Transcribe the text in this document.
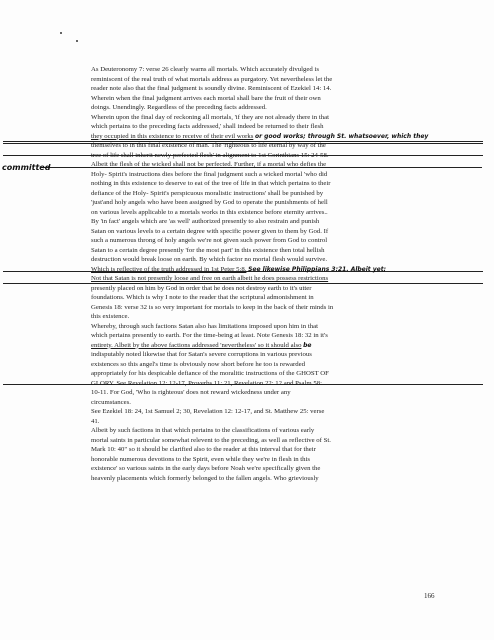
committed
As Deuteronomy 7: verse 26 clearly warns all mortals. Which accurately divulged is
reminiscent of the real truth of what mortals address as purgatory. Yet nevertheless let the
reader note also that the final judgment is soundly divine. Reminiscent of Ezekiel 14: 14.
Wherein when the final judgment arrives each mortal shall bare the fruit of their own
doings. Unendingly. Regardless of the preceding facts addressed.
Wherein upon the final day of reckoning all mortals, 'if they are not already there in that
which pertains to the preceding facts addressed,' shall indeed be returned to their flesh
they occupied in this existence to receive of their evil works or good works; through St. whatsoever, which they
themselves to in this final existence of man. The 'righteous to life eternal by way of the
tree of life shall inherit newly perfected flesh' in alignment to 1st Corinthians 15: 24-58.
Albeit the flesh of the wicked shall not be perfected. Further, if a mortal who defies the
Holy- Spirit's instructions dies before the final judgment such a wicked mortal 'who did
nothing in this existence to deserve to eat of the tree of life in that which pertains to their
defiance of the Holy- Spirit's perspicuous moralistic instructions' shall be punished by
'just'and holy angels who have been assigned by God to operate the punishments of hell
on various levels applicable to a mortals works in this existence before eternity arrives..
By 'in fact' angels which are 'as well' authorized presently to also restrain and punish
Satan on various levels to a certain degree with specific power given to them by God. If
such a numerous throng of holy angels we're not given such power from God to control
Satan to a certain degree presently 'for the most part' in this existence then total hellish
destruction would break loose on earth. By which factor no mortal flesh would survive.
Which is reflective of the truth addressed in 1st Peter 5:8. See likewise Philippians 3:21. Albeit yet;
Not that Satan is not presently loose and free on earth albeit he does possess restrictions
presently placed on him by God in order that he does not destroy earth to it's utter
foundations. Which is why I note to the reader that the scriptural admonishment in
Genesis 18: verse 32 is so very important for mortals to keep in the back of their minds in
this existence.
Whereby, through such factions Satan also has limitations imposed upon him in that
which pertains presently to earth. For the time-being at least. Note Genesis 18: 32 in it's
entirety. Albeit by the above factions addressed 'nevertheless' so it should also be
indisputably noted likewise that for Satan's severe corruptions in various previous
existences so this angel's time is obviously now short before he too is rewarded
appropriately for his despicable defiance of the moralitic instructions of the GHOST OF
GLORY. See Revelation 12: 12-17, Proverbs 11: 21, Revelation 22: 12 and Psalm 58:
10-11. For God, 'Who is righteous' does not reward wickedness under any
circumstances.
See Ezekiel 18: 24, 1st Samuel 2; 30, Revelation 12: 12-17, and St. Matthew 25: verse
41.
Albeit by such factions in that which pertains to the classifications of various early
mortal saints in particular somewhat relevent to the preceding, as well as reflective of St.
Mark 10: 40" so it should be clarified also to the reader at this interval that for their
honorable numerous devotions to the Spirit, even while they we're in flesh in this
existence' so various saints in the early days before Noah we're specifically given the
heavenly placements which formerly belonged to the fallen angels. Who grieviously
166
